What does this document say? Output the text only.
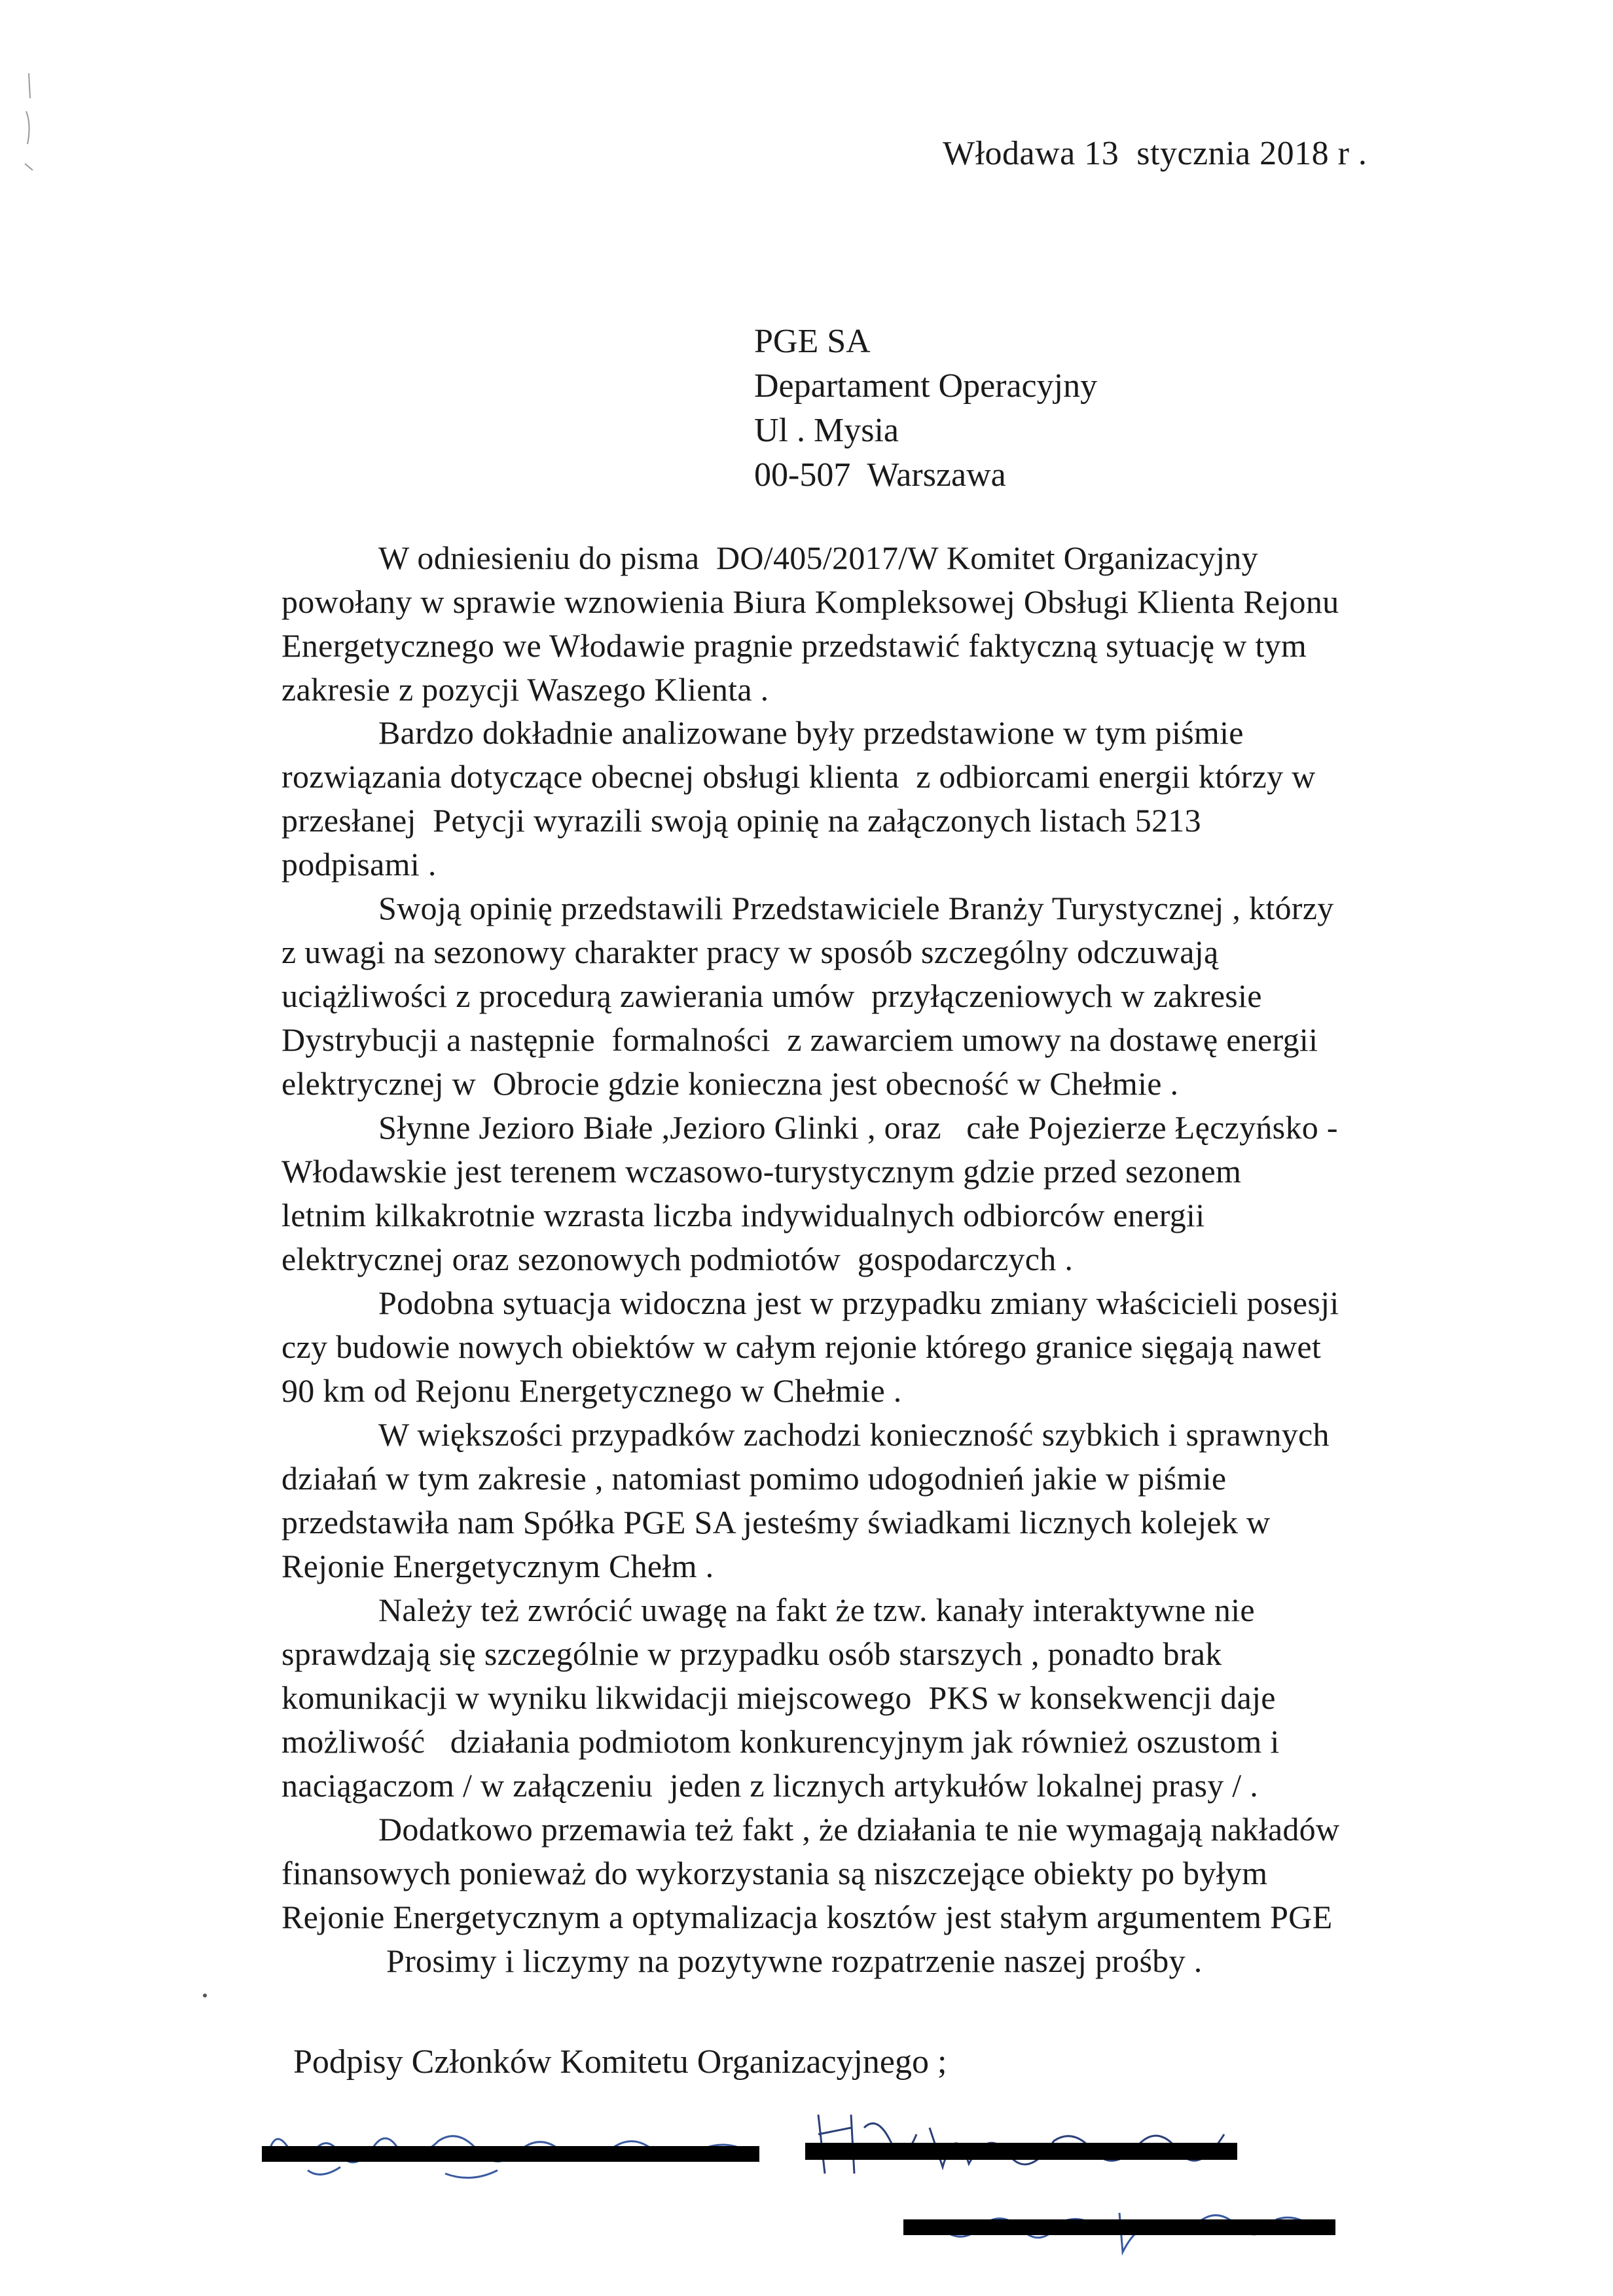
Włodawa 13  stycznia 2018 r .
PGE SA
Departament Operacyjny
Ul . Mysia
00-507  Warszawa
W odniesieniu do pisma  DO/405/2017/W Komitet Organizacyjny
powołany w sprawie wznowienia Biura Kompleksowej Obsługi Klienta Rejonu
Energetycznego we Włodawie pragnie przedstawić faktyczną sytuację w tym
zakresie z pozycji Waszego Klienta .
Bardzo dokładnie analizowane były przedstawione w tym piśmie
rozwiązania dotyczące obecnej obsługi klienta  z odbiorcami energii którzy w
przesłanej  Petycji wyrazili swoją opinię na załączonych listach 5213
podpisami .
Swoją opinię przedstawili Przedstawiciele Branży Turystycznej , którzy
z uwagi na sezonowy charakter pracy w sposób szczególny odczuwają
uciążliwości z procedurą zawierania umów  przyłączeniowych w zakresie
Dystrybucji a następnie  formalności  z zawarciem umowy na dostawę energii
elektrycznej w  Obrocie gdzie konieczna jest obecność w Chełmie .
Słynne Jezioro Białe ,Jezioro Glinki , oraz   całe Pojezierze Łęczyńsko -
Włodawskie jest terenem wczasowo-turystycznym gdzie przed sezonem
letnim kilkakrotnie wzrasta liczba indywidualnych odbiorców energii
elektrycznej oraz sezonowych podmiotów  gospodarczych .
Podobna sytuacja widoczna jest w przypadku zmiany właścicieli posesji
czy budowie nowych obiektów w całym rejonie którego granice sięgają nawet
90 km od Rejonu Energetycznego w Chełmie .
W większości przypadków zachodzi konieczność szybkich i sprawnych
działań w tym zakresie , natomiast pomimo udogodnień jakie w piśmie
przedstawiła nam Spółka PGE SA jesteśmy świadkami licznych kolejek w
Rejonie Energetycznym Chełm .
Należy też zwrócić uwagę na fakt że tzw. kanały interaktywne nie
sprawdzają się szczególnie w przypadku osób starszych , ponadto brak
komunikacji w wyniku likwidacji miejscowego  PKS w konsekwencji daje
możliwość   działania podmiotom konkurencyjnym jak również oszustom i
naciągaczom / w załączeniu  jeden z licznych artykułów lokalnej prasy / .
Dodatkowo przemawia też fakt , że działania te nie wymagają nakładów
finansowych ponieważ do wykorzystania są niszczejące obiekty po byłym
Rejonie Energetycznym a optymalizacja kosztów jest stałym argumentem PGE
Prosimy i liczymy na pozytywne rozpatrzenie naszej prośby .
Podpisy Członków Komitetu Organizacyjnego ;
